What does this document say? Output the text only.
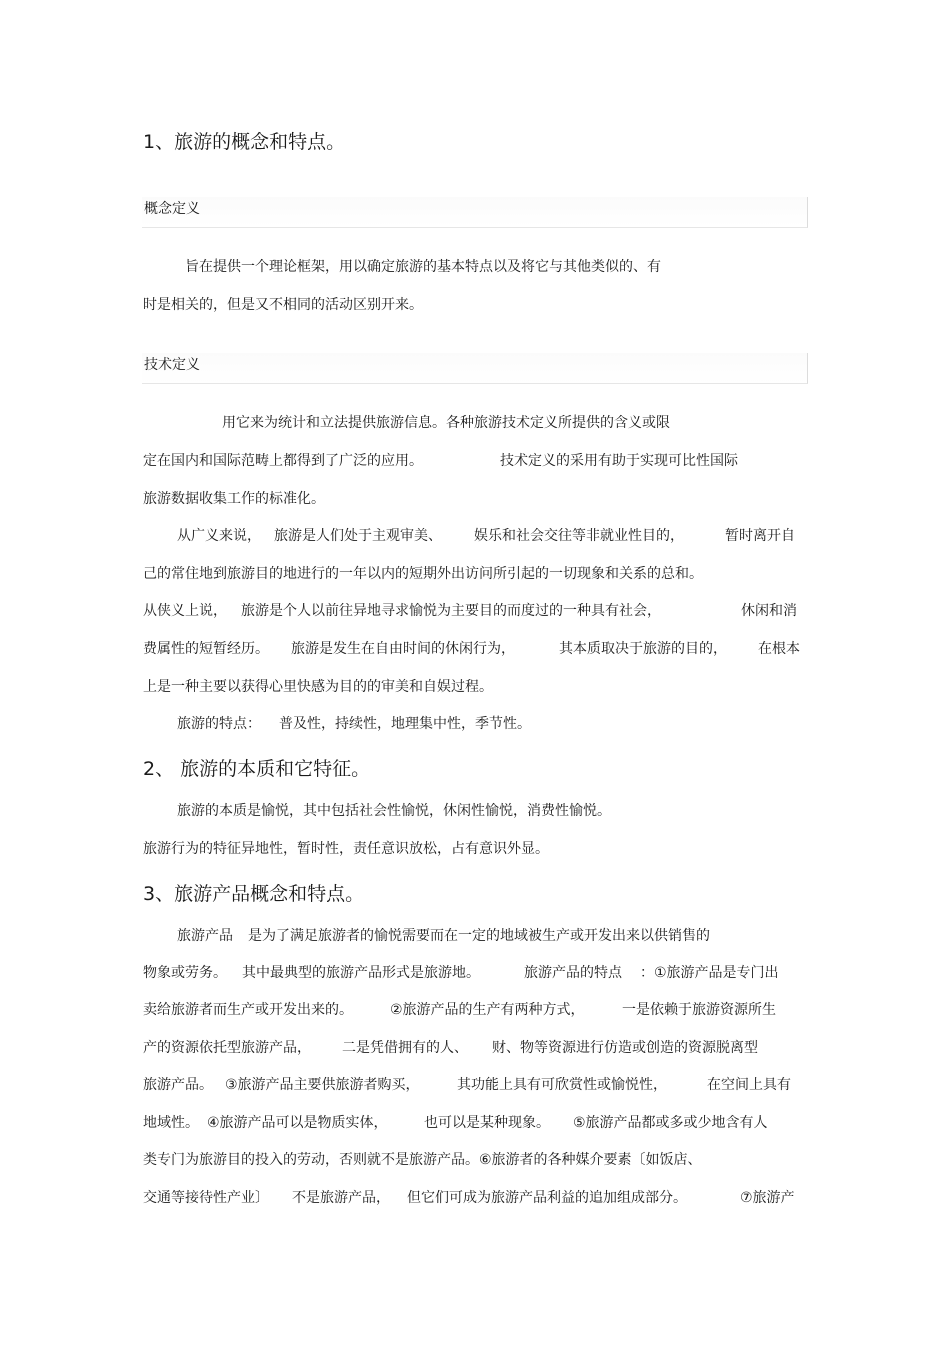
1、旅游的概念和特点。
概念定义
旨在提供一个理论框架，用以确定旅游的基本特点以及将它与其他类似的、有
时是相关的，但是又不相同的活动区别开来。
技术定义
用它来为统计和立法提供旅游信息。各种旅游技术定义所提供的含义或限
定在国内和国际范畴上都得到了广泛的应用。	技术定义的采用有助于实现可比性国际
旅游数据收集工作的标准化。
从广义来说， 旅游是人们处于主观审美、 娱乐和社会交往等非就业性目的，	暂时离开自
己的常住地到旅游目的地进行的一年以内的短期外出访问所引起的一切现象和关系的总和。
从侠义上说， 旅游是个人以前往异地寻求愉悦为主要目的而度过的一种具有社会，	休闲和消
费属性的短暂经历。 旅游是发生在自由时间的休闲行为，	其本质取决于旅游的目的， 在根本
上是一种主要以获得心里快感为目的的审美和自娱过程。
旅游的特点： 普及性，持续性，地理集中性，季节性。
2、 旅游的本质和它特征。
旅游的本质是愉悦，其中包括社会性愉悦，休闲性愉悦，消费性愉悦。
旅游行为的特征异地性，暂时性，责任意识放松，占有意识外显。
3、旅游产品概念和特点。
旅游产品 是为了满足旅游者的愉悦需要而在一定的地域被生产或开发出来以供销售的
物象或劳务。 其中最典型的旅游产品形式是旅游地。	旅游产品的特点 ：①旅游产品是专门出
卖给旅游者而生产或开发出来的。	②旅游产品的生产有两种方式，	一是依赖于旅游资源所生
产的资源依托型旅游产品， 二是凭借拥有的人、 财、物等资源进行仿造或创造的资源脱离型
旅游产品。 ③旅游产品主要供旅游者购买，	其功能上具有可欣赏性或愉悦性，	在空间上具有
地域性。 ④旅游产品可以是物质实体，	也可以是某种现象。 ⑤旅游产品都或多或少地含有人
类专门为旅游目的投入的劳动，否则就不是旅游产品。⑥旅游者的各种媒介要素〔如饭店、
交通等接待性产业〕 不是旅游产品， 但它们可成为旅游产品利益的追加组成部分。	⑦旅游产
